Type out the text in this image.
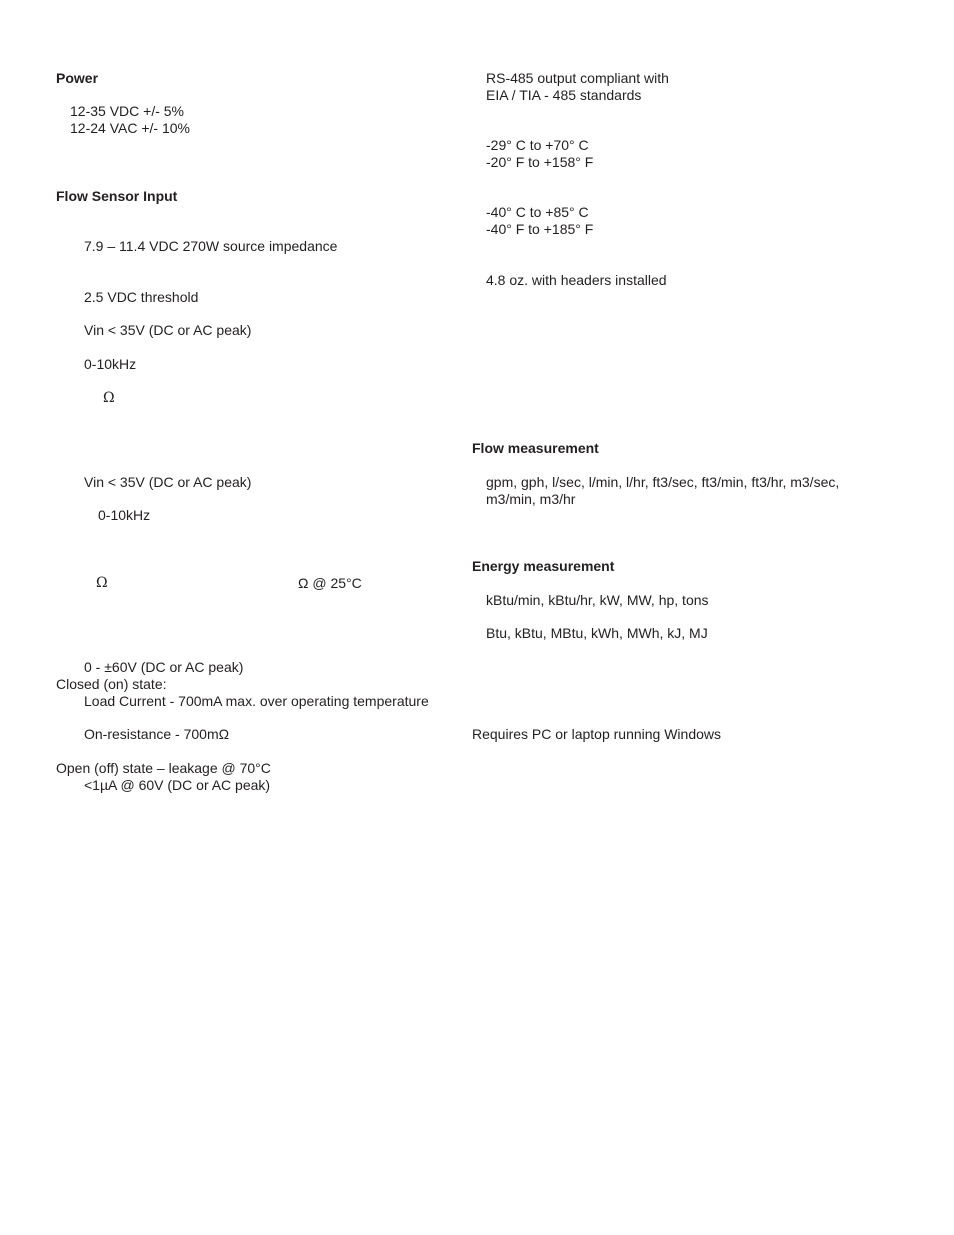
Power
12-35 VDC +/- 5%
12-24 VAC +/- 10%
Flow Sensor Input
7.9 – 11.4 VDC 270W source impedance
2.5 VDC threshold
Vin < 35V (DC or AC peak)
0-10kHz
Ω
Vin < 35V (DC or AC peak)
0-10kHz
Ω	Ω @ 25°C
0 - ±60V (DC or AC peak)
Closed (on) state:
Load Current - 700mA max. over operating temperature
On-resistance - 700mΩ
Open (off) state – leakage @ 70°C
<1µA @ 60V (DC or AC peak)
RS-485 output compliant with
EIA / TIA - 485 standards
-29° C to +70° C
-20° F to +158° F
-40° C to +85° C
-40° F to +185° F
4.8 oz. with headers installed
Flow measurement
gpm, gph, l/sec, l/min, l/hr, ft3/sec, ft3/min, ft3/hr, m3/sec,
m3/min, m3/hr
Energy measurement
kBtu/min, kBtu/hr, kW, MW, hp, tons
Btu, kBtu, MBtu, kWh, MWh, kJ, MJ
Requires PC or laptop running Windows
